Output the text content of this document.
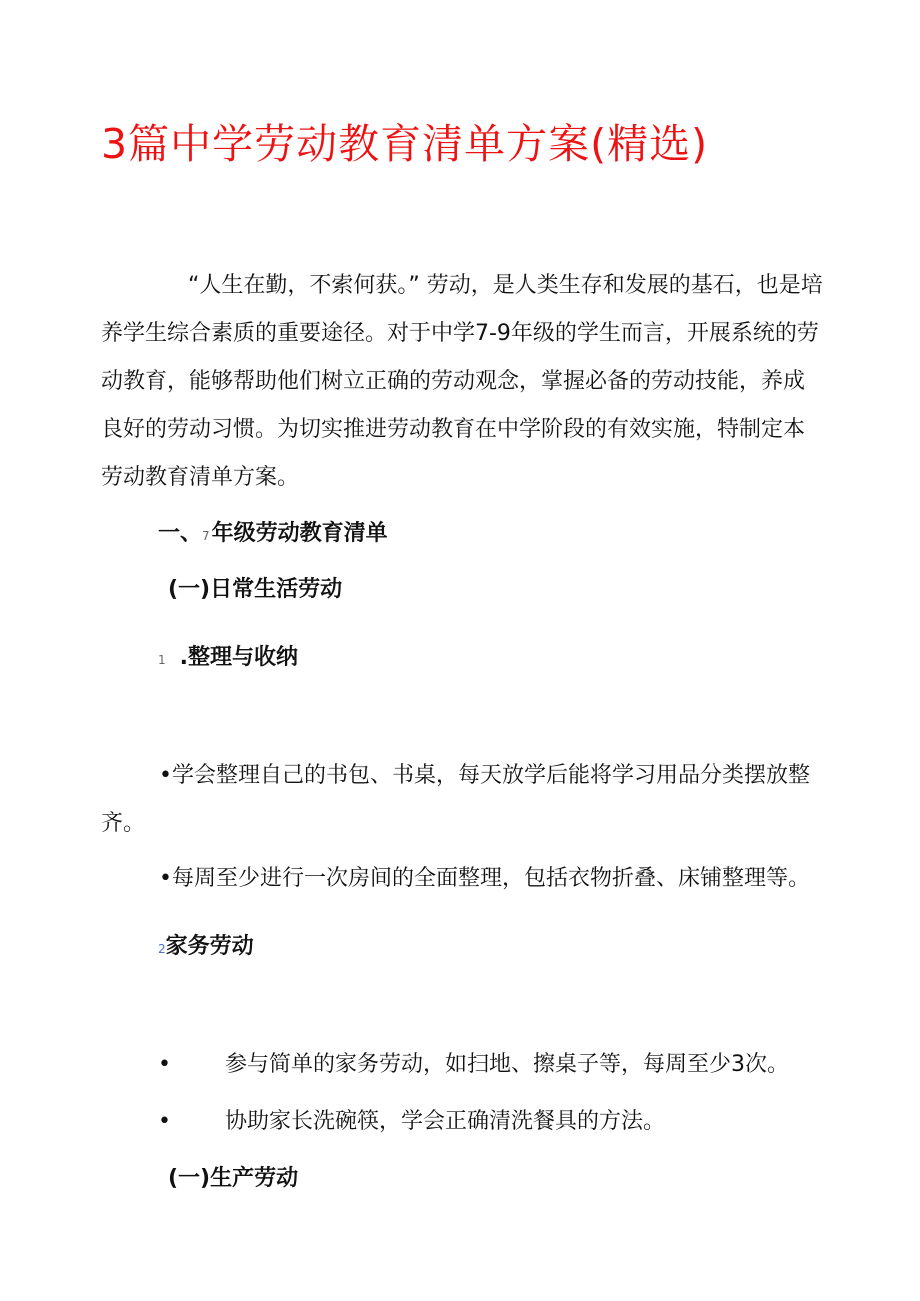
3篇中学劳动教育清单方案(精选)

“人生在勤，不索何获。” 劳动，是人类生存和发展的基石，也是培养学生综合素质的重要途径。对于中学7-9年级的学生而言，开展系统的劳动教育，能够帮助他们树立正确的劳动观念，掌握必备的劳动技能，养成良好的劳动习惯。为切实推进劳动教育在中学阶段的有效实施，特制定本劳动教育清单方案。

一、7年级劳动教育清单
(一)日常生活劳动
1 .整理与收纳

•学会整理自己的书包、书桌，每天放学后能将学习用品分类摆放整齐。

•每周至少进行一次房间的全面整理，包括衣物折叠、床铺整理等。

2家务劳动
• 参与简单的家务劳动，如扫地、擦桌子等，每周至少3次。
• 协助家长洗碗筷，学会正确清洗餐具的方法。
(一)生产劳动
